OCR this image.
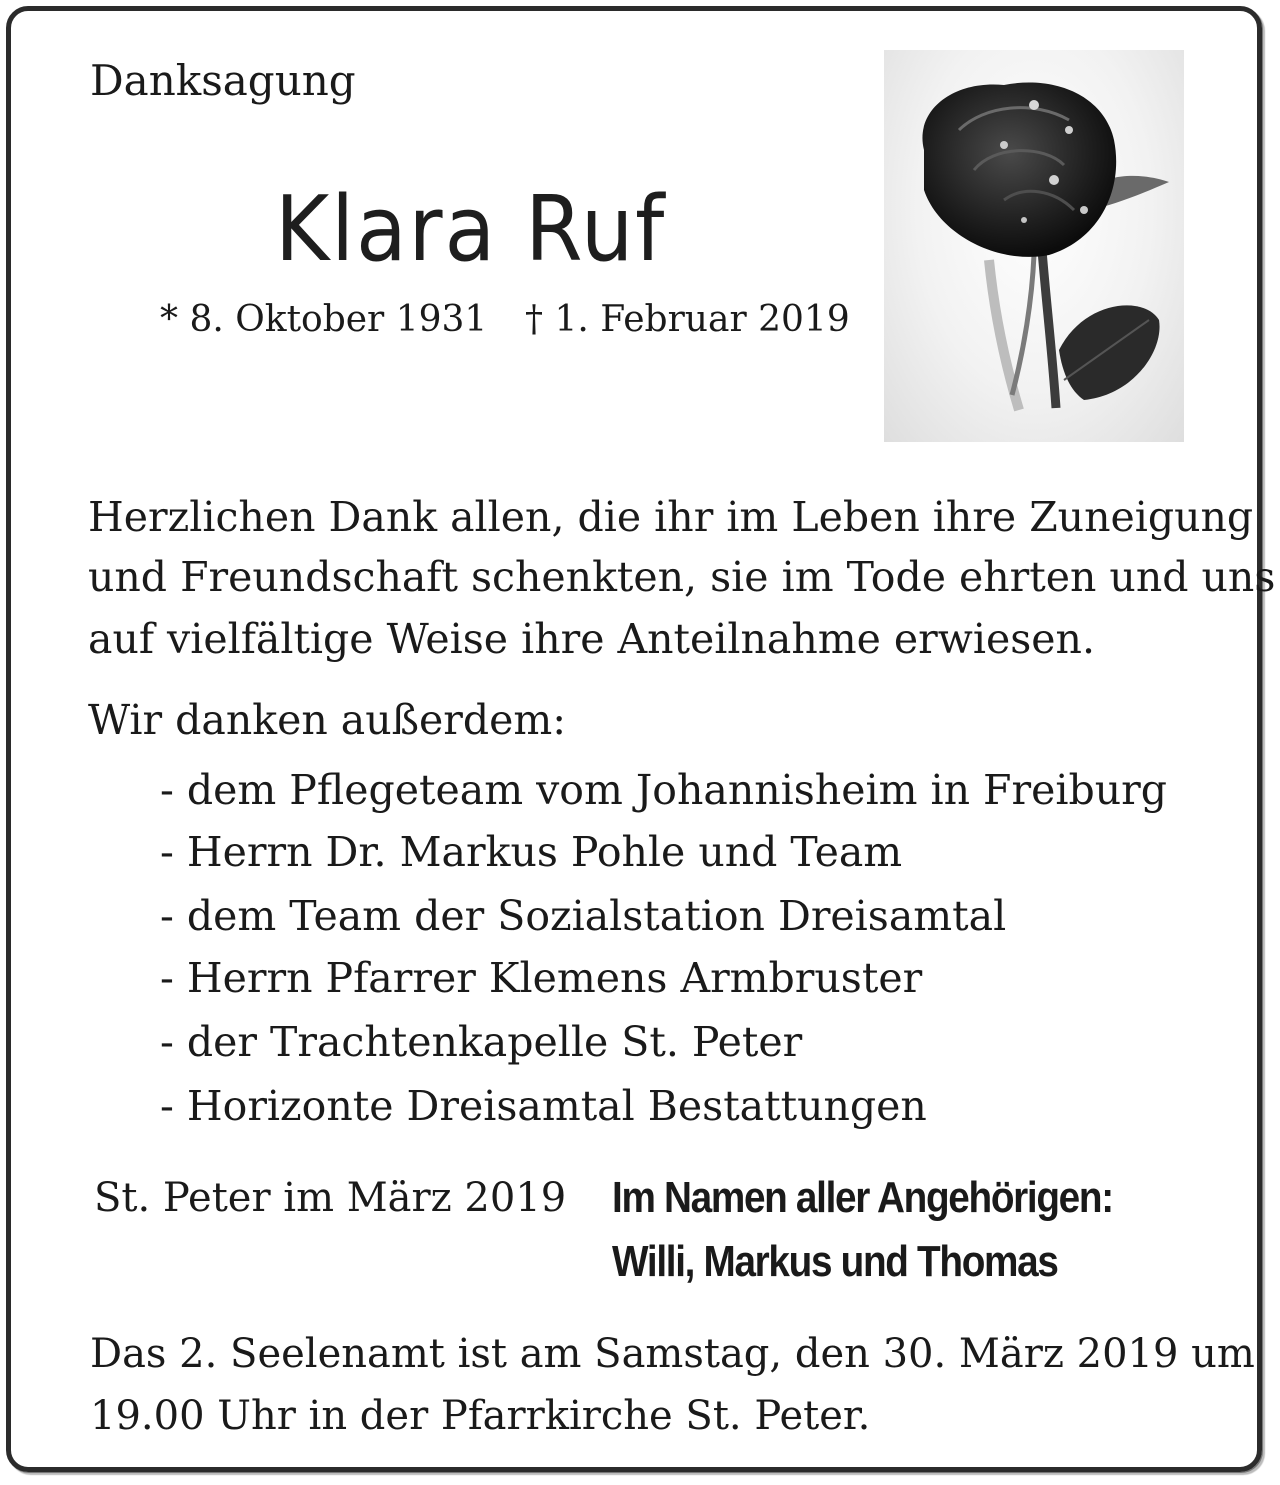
Danksagung

Klara Ruf

* 8. Oktober 1931 † 1. Februar 2019

Herzlichen Dank allen, die ihr im Leben ihre Zuneigung

und Freundschaft schenkten, sie im Tode ehrten und uns

auf vielfältige Weise ihre Anteilnahme erwiesen.

Wir danken außerdem:

- dem Pflegeteam vom Johannisheim in Freiburg

- Herrn Dr. Markus Pohle und Team

- dem Team der Sozialstation Dreisamtal

- Herrn Pfarrer Klemens Armbruster

- der Trachtenkapelle St. Peter

- Horizonte Dreisamtal Bestattungen

St. Peter im März 2019 Im Namen aller Angehörigen:

Willi, Markus und Thomas

Das 2. Seelenamt ist am Samstag, den 30. März 2019 um

19.00 Uhr in der Pfarrkirche St. Peter.
